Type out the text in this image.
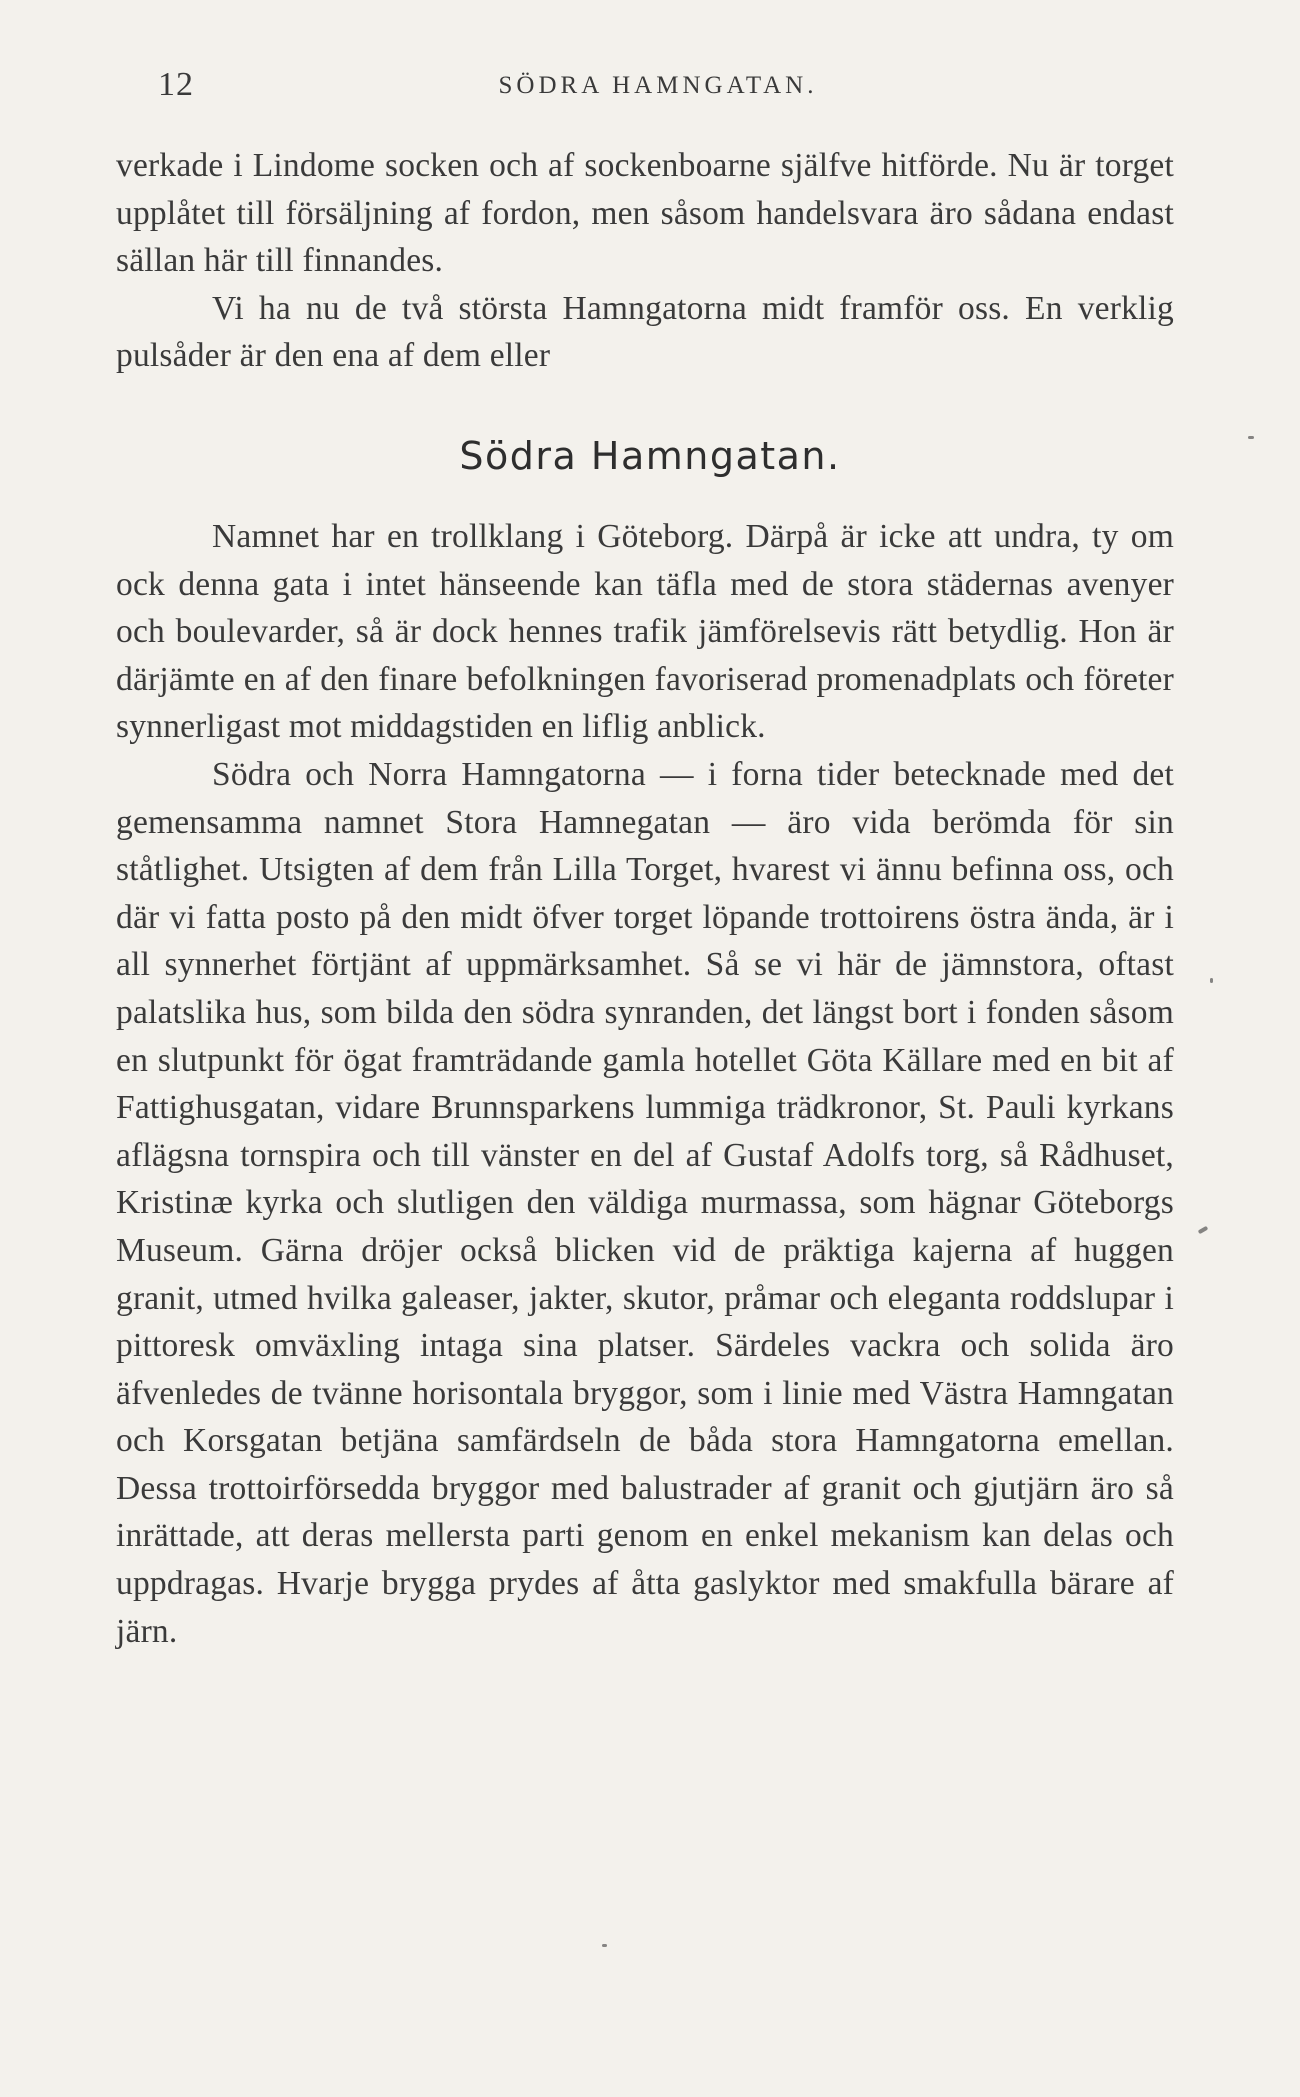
12	SÖDRA HAMNGATAN.

verkade i Lindome socken och af sockenboarne själfve hitförde. Nu är torget upplåtet till försäljning af fordon, men såsom handelsvara äro sådana endast sällan här till finnandes.

Vi ha nu de två största Hamngatorna midt framför oss. En verklig pulsåder är den ena af dem eller

Södra Hamngatan.

Namnet har en trollklang i Göteborg. Därpå är icke att undra, ty om ock denna gata i intet hänseende kan täfla med de stora städernas avenyer och boulevarder, så är dock hennes trafik jämförelsevis rätt betydlig. Hon är därjämte en af den finare befolkningen favoriserad promenadplats och företer synnerligast mot middagstiden en liflig anblick.

Södra och Norra Hamngatorna — i forna tider betecknade med det gemensamma namnet Stora Hamnegatan — äro vida berömda för sin ståtlighet. Utsigten af dem från Lilla Torget, hvarest vi ännu befinna oss, och där vi fatta posto på den midt öfver torget löpande trottoirens östra ända, är i all synnerhet förtjänt af uppmärksamhet. Så se vi här de jämnstora, oftast palatslika hus, som bilda den södra synranden, det längst bort i fonden såsom en slutpunkt för ögat framträdande gamla hotellet Göta Källare med en bit af Fattighusgatan, vidare Brunnsparkens lummiga trädkronor, St. Pauli kyrkans aflägsna tornspira och till vänster en del af Gustaf Adolfs torg, så Rådhuset, Kristinæ kyrka och slutligen den väldiga murmassa, som hägnar Göteborgs Museum. Gärna dröjer också blicken vid de präktiga kajerna af huggen granit, utmed hvilka galeaser, jakter, skutor, pråmar och eleganta roddslupar i pittoresk omväxling intaga sina platser. Särdeles vackra och solida äro äfvenledes de tvänne horisontala bryggor, som i linie med Västra Hamngatan och Korsgatan betjäna samfärdseln de båda stora Hamngatorna emellan. Dessa trottoirförsedda bryggor med balustrader af granit och gjutjärn äro så inrättade, att deras mellersta parti genom en enkel mekanism kan delas och uppdragas. Hvarje brygga prydes af åtta gaslyktor med smakfulla bärare af järn.
